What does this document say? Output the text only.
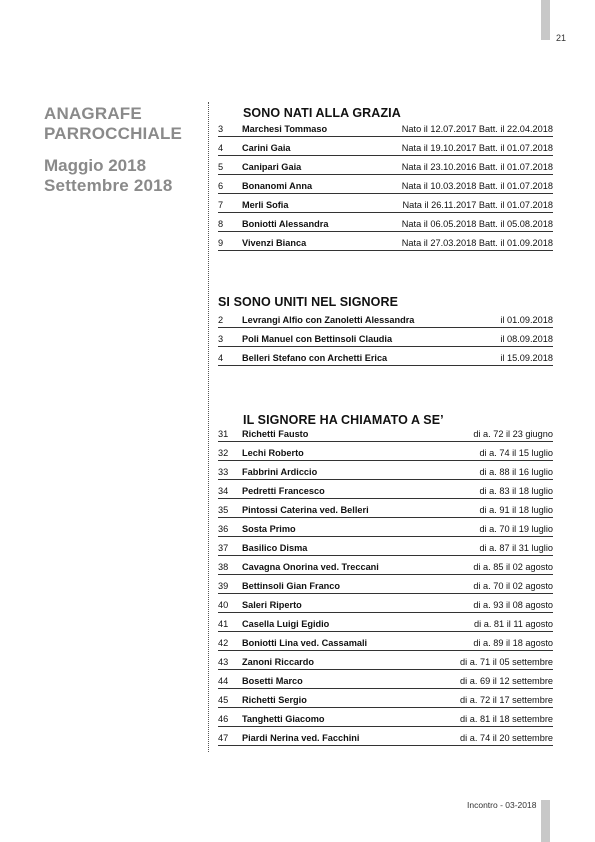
21
ANAGRAFE
PARROCCHIALE
Maggio 2018
Settembre 2018
SONO NATI ALLA GRAZIA
3	Marchesi Tommaso	Nato il 12.07.2017 Batt. il 22.04.2018
4	Carini Gaia	Nata il 19.10.2017 Batt. il 01.07.2018
5	Canipari Gaia	Nata il 23.10.2016 Batt. il 01.07.2018
6	Bonanomi Anna	Nata il 10.03.2018 Batt. il 01.07.2018
7	Merli Sofia	Nata il 26.11.2017 Batt. il 01.07.2018
8	Boniotti Alessandra	Nata il 06.05.2018 Batt. il 05.08.2018
9	Vivenzi Bianca	Nata il 27.03.2018 Batt. il 01.09.2018
SI SONO UNITI NEL SIGNORE
2	Levrangi Alfio con Zanoletti Alessandra	il 01.09.2018
3	Poli Manuel con Bettinsoli Claudia	il 08.09.2018
4	Belleri Stefano con Archetti Erica	il 15.09.2018
IL SIGNORE HA CHIAMATO A SE’
31	Richetti Fausto	di a. 72 il 23 giugno
32	Lechi Roberto	di a. 74 il 15 luglio
33	Fabbrini Ardiccio	di a. 88 il 16 luglio
34	Pedretti Francesco	di a. 83 il 18 luglio
35	Pintossi Caterina ved. Belleri	di a. 91 il 18 luglio
36	Sosta Primo	di a. 70 il 19 luglio
37	Basilico Disma	di a. 87 il 31 luglio
38	Cavagna Onorina ved. Treccani	di a. 85 il 02 agosto
39	Bettinsoli Gian Franco	di a. 70 il 02 agosto
40	Saleri Riperto	di a. 93 il 08 agosto
41	Casella Luigi Egidio	di a. 81 il 11 agosto
42	Boniotti Lina ved. Cassamali	di a. 89 il 18 agosto
43	Zanoni Riccardo	di a. 71 il 05 settembre
44	Bosetti Marco	di a. 69 il 12 settembre
45	Richetti Sergio	di a. 72 il 17 settembre
46	Tanghetti Giacomo	di a. 81 il 18 settembre
47	Piardi Nerina ved. Facchini	di a. 74 il 20 settembre
Incontro - 03-2018
